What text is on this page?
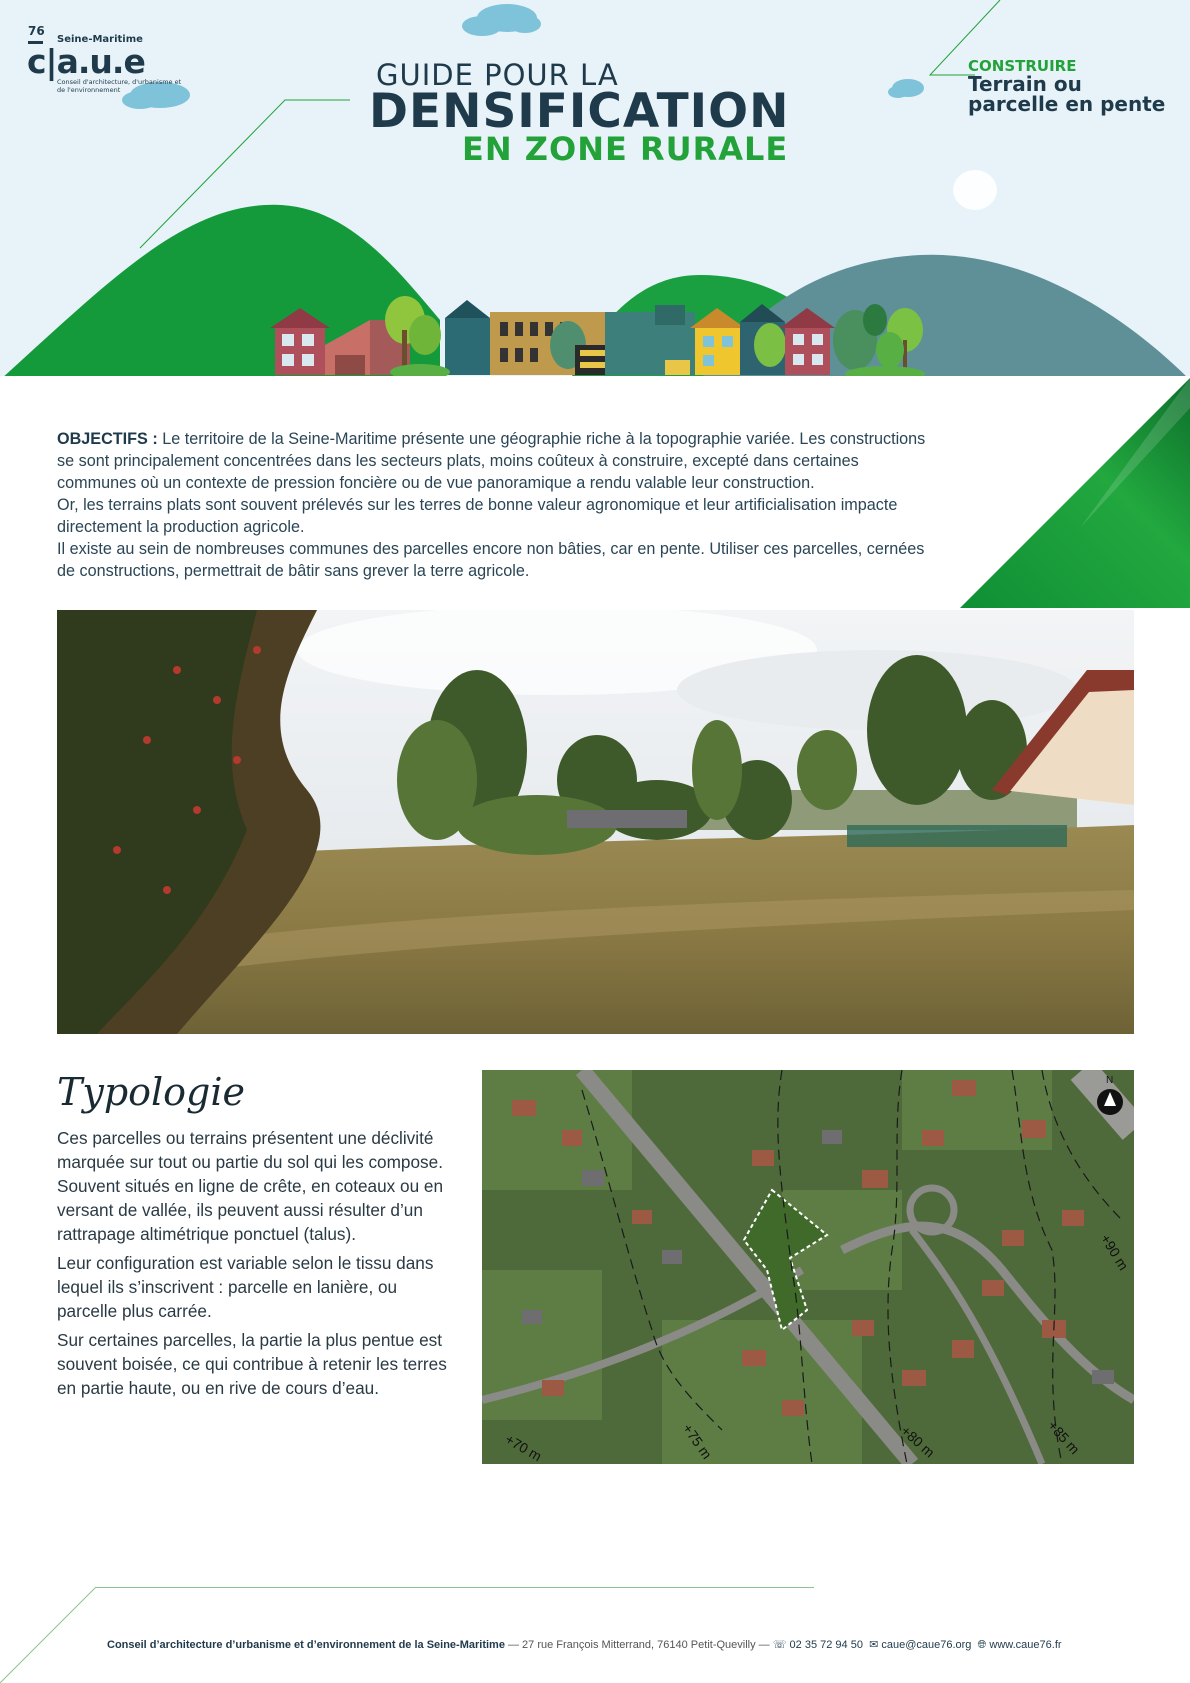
76
Seine-Maritime
c|a.u.e
Conseil d'architecture, d'urbanisme et de l'environnement	GUIDE POUR LA
DENSIFICATION
EN ZONE RURALE
CONSTRUIRE
Terrain ou parcelle en pente

OBJECTIFS : Le territoire de la Seine-Maritime présente une géographie riche à la topographie variée. Les constructions se sont principalement concentrées dans les secteurs plats, moins coûteux à construire, excepté dans certaines communes où un contexte de pression foncière ou de vue panoramique a rendu valable leur construction.

Or, les terrains plats sont souvent prélevés sur les terres de bonne valeur agronomique et leur artificialisation impacte directement la production agricole.

Il existe au sein de nombreuses communes des parcelles encore non bâties, car en pente. Utiliser ces parcelles, cernées de constructions, permettrait de bâtir sans grever la terre agricole.

Typologie

Ces parcelles ou terrains présentent une déclivité marquée sur tout ou partie du sol qui les compose. Souvent situés en ligne de crête, en coteaux ou en versant de vallée, ils peuvent aussi résulter d’un rattrapage altimétrique ponctuel (talus).

Leur configuration est variable selon le tissu dans lequel ils s’inscrivent : parcelle en lanière, ou parcelle plus carrée.

Sur certaines parcelles, la partie la plus pentue est souvent boisée, ce qui contribue à retenir les terres en partie haute, ou en rive de cours d’eau.

N
+70 m	+75 m	+80 m	+85 m
+90 m
Conseil d’architecture d’urbanisme et d’environnement de la Seine-Maritime — 27 rue François Mitterrand, 76140 Petit-Quevilly — ☏ 02 35 72 94 50 ✉ caue@caue76.org 🌐︎ www.caue76.fr
